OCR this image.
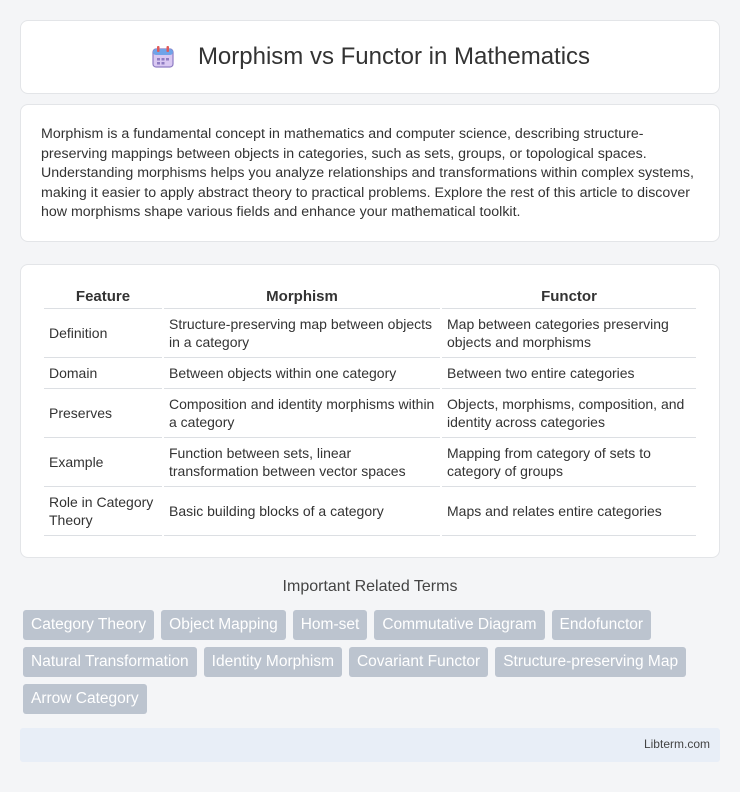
Morphism vs Functor in Mathematics

Morphism is a fundamental concept in mathematics and computer science, describing structure-preserving mappings between objects in categories, such as sets, groups, or topological spaces. Understanding morphisms helps you analyze relationships and transformations within complex systems, making it easier to apply abstract theory to practical problems. Explore the rest of this article to discover how morphisms shape various fields and enhance your mathematical toolkit.

Feature	Morphism	Functor
Definition	Structure-preserving map between objects in a category	Map between categories preserving objects and morphisms
Domain	Between objects within one category	Between two entire categories
Preserves	Composition and identity morphisms within a category	Objects, morphisms, composition, and identity across categories
Example	Function between sets, linear transformation between vector spaces	Mapping from category of sets to category of groups
Role in Category Theory	Basic building blocks of a category	Maps and relates entire categories
Important Related Terms
Category Theory	Object Mapping	Hom-set	Commutative Diagram	Endofunctor
Natural Transformation	Identity Morphism	Covariant Functor	Structure-preserving Map
Arrow Category
Libterm.com
